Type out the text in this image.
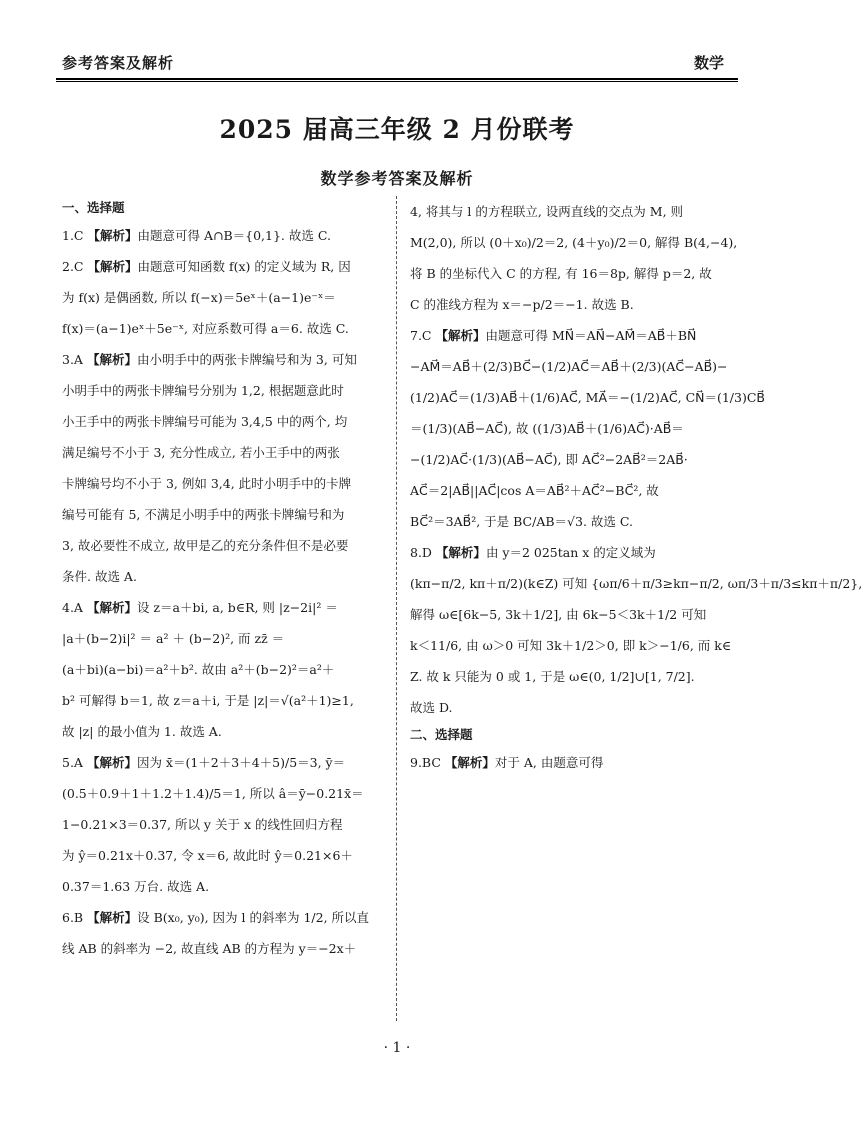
参考答案及解析	数学
2025 届高三年级 2 月份联考
数学参考答案及解析
一、选择题
1.C 【解析】由题意可得 A∩B＝{0,1}. 故选 C.
2.C 【解析】由题意可知函数 f(x) 的定义域为 R, 因
为 f(x) 是偶函数, 所以 f(−x)＝5eˣ＋(a−1)e⁻ˣ＝
f(x)＝(a−1)eˣ＋5e⁻ˣ, 对应系数可得 a＝6. 故选 C.
3.A 【解析】由小明手中的两张卡牌编号和为 3, 可知
小明手中的两张卡牌编号分别为 1,2, 根据题意此时
小王手中的两张卡牌编号可能为 3,4,5 中的两个, 均
满足编号不小于 3, 充分性成立, 若小王手中的两张
卡牌编号均不小于 3, 例如 3,4, 此时小明手中的卡牌
编号可能有 5, 不满足小明手中的两张卡牌编号和为
3, 故必要性不成立, 故甲是乙的充分条件但不是必要
条件. 故选 A.
4.A 【解析】设 z＝a＋bi, a, b∈R, 则 |z−2i|² ＝
|a＋(b−2)i|² ＝ a² ＋ (b−2)², 而 zz̄ ＝
(a＋bi)(a−bi)＝a²＋b². 故由 a²＋(b−2)²＝a²＋
b² 可解得 b＝1, 故 z＝a＋i, 于是 |z|＝√(a²＋1)≥1,
故 |z| 的最小值为 1. 故选 A.
5.A 【解析】因为 x̄＝(1＋2＋3＋4＋5)/5＝3, ȳ＝
(0.5＋0.9＋1＋1.2＋1.4)/5＝1, 所以 â＝ȳ−0.21x̄＝
1−0.21×3＝0.37, 所以 y 关于 x 的线性回归方程
为 ŷ＝0.21x＋0.37, 令 x＝6, 故此时 ŷ＝0.21×6＋
0.37＝1.63 万台. 故选 A.
6.B 【解析】设 B(x₀, y₀), 因为 l 的斜率为 1/2, 所以直
线 AB 的斜率为 −2, 故直线 AB 的方程为 y＝−2x＋
4, 将其与 l 的方程联立, 设两直线的交点为 M, 则
M(2,0), 所以 (0＋x₀)/2＝2, (4＋y₀)/2＝0, 解得 B(4,−4),
将 B 的坐标代入 C 的方程, 有 16＝8p, 解得 p＝2, 故
C 的准线方程为 x＝−p/2＝−1. 故选 B.
7.C 【解析】由题意可得 MN⃗＝AN⃗−AM⃗＝AB⃗＋BN⃗
−AM⃗＝AB⃗＋(2/3)BC⃗−(1/2)AC⃗＝AB⃗＋(2/3)(AC⃗−AB⃗)−
(1/2)AC⃗＝(1/3)AB⃗＋(1/6)AC⃗, MA⃗＝−(1/2)AC⃗, CN⃗＝(1/3)CB⃗
＝(1/3)(AB⃗−AC⃗), 故 ((1/3)AB⃗＋(1/6)AC⃗)·AB⃗＝
−(1/2)AC⃗·(1/3)(AB⃗−AC⃗), 即 AC⃗²−2AB⃗²＝2AB⃗·
AC⃗＝2|AB⃗||AC⃗|cos A＝AB⃗²＋AC⃗²−BC⃗², 故
BC⃗²＝3AB⃗², 于是 BC/AB＝√3. 故选 C.
8.D 【解析】由 y＝2 025tan x 的定义域为
(kπ−π/2, kπ＋π/2)(k∈Z) 可知 {ωπ/6＋π/3≥kπ−π/2, ωπ/3＋π/3≤kπ＋π/2},
解得 ω∈[6k−5, 3k＋1/2], 由 6k−5＜3k＋1/2 可知
k＜11/6, 由 ω＞0 可知 3k＋1/2＞0, 即 k＞−1/6, 而 k∈
Z. 故 k 只能为 0 或 1, 于是 ω∈(0, 1/2]∪[1, 7/2].
故选 D.
二、选择题
9.BC 【解析】对于 A, 由题意可得
· 1 ·
